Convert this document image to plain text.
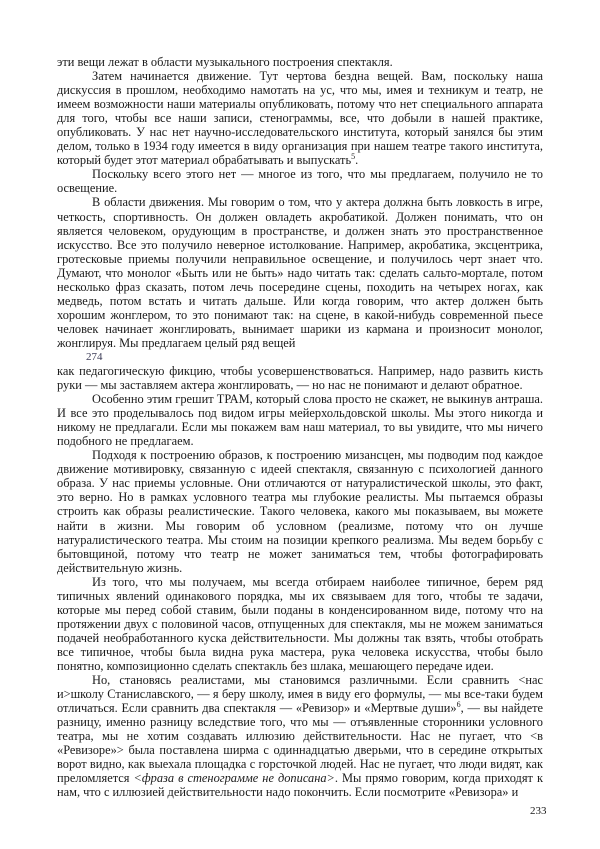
эти вещи лежат в области музыкального построения спектакля.

Затем начинается движение. Тут чертова бездна вещей. Вам, поскольку наша дискуссия в прошлом, необходимо намотать на ус, что мы, имея и техникум и театр, не имеем возможности наши материалы опубликовать, потому что нет специального аппарата для того, чтобы все наши записи, стенограммы, все, что добыли в нашей практике, опубликовать. У нас нет научно-исследовательского института, который занялся бы этим делом, только в 1934 году имеется в виду организация при нашем театре такого института, который будет этот материал обрабатывать и выпускать$^5$.

Поскольку всего этого нет — многое из того, что мы предлагаем, получило не то освещение.

В области движения. Мы говорим о том, что у актера должна быть ловкость в игре, четкость, спортивность. Он должен овладеть акробатикой. Должен понимать, что он является человеком, орудующим в пространстве, и должен знать это пространственное искусство. Все это получило неверное истолкование. Например, акробатика, эксцентрика, гротесковые приемы получили неправильное освещение, и получилось черт знает что. Думают, что монолог «Быть или не быть» надо читать так: сделать сальто-мортале, потом несколько фраз сказать, потом лечь посередине сцены, походить на четырех ногах, как медведь, потом встать и читать дальше. Или когда говорим, что актер должен быть хорошим жонглером, то это понимают так: на сцене, в какой-нибудь современной пьесе человек начинает жонглировать, вынимает шарики из кармана и произносит монолог, жонглируя. Мы предлагаем целый ряд вещей

274

как педагогическую фикцию, чтобы усовершенствоваться. Например, надо развить кисть руки — мы заставляем актера жонглировать, — но нас не понимают и делают обратное.

Особенно этим грешит ТРАМ, который слова просто не скажет, не выкинув антраша. И все это проделывалось под видом игры мейерхольдовской школы. Мы этого никогда и никому не предлагали. Если мы покажем вам наш материал, то вы увидите, что мы ничего подобного не предлагаем.

Подходя к построению образов, к построению мизансцен, мы подводим под каждое движение мотивировку, связанную с идеей спектакля, связанную с психологией данного образа. У нас приемы условные. Они отличаются от натуралистической школы, это факт, это верно. Но в рамках условного театра мы глубокие реалисты. Мы пытаемся образы строить как образы реалистические. Такого человека, какого мы показываем, вы можете найти в жизни. Мы говорим об условном (реализме, потому что он лучше натуралистического театра. Мы стоим на позиции крепкого реализма. Мы ведем борьбу с бытовщиной, потому что театр не может заниматься тем, чтобы фотографировать действительную жизнь.

Из того, что мы получаем, мы всегда отбираем наиболее типичное, берем ряд типичных явлений одинакового порядка, мы их связываем для того, чтобы те задачи, которые мы перед собой ставим, были поданы в конденсированном виде, потому что на протяжении двух с половиной часов, отпущенных для спектакля, мы не можем заниматься подачей необработанного куска действительности. Мы должны так взять, чтобы отобрать все типичное, чтобы была видна рука мастера, рука человека искусства, чтобы было понятно, композиционно сделать спектакль без шлака, мешающего передаче идеи.

Но, становясь реалистами, мы становимся различными. Если сравнить <нас и>школу Станиславского, — я беру школу, имея в виду его формулы, — мы все-таки будем отличаться. Если сравнить два спектакля — «Ревизор» и «Мертвые души»$^6$, — вы найдете разницу, именно разницу вследствие того, что мы — отъявленные сторонники условного театра, мы не хотим создавать иллюзию действительности. Нас не пугает, что <в «Ревизоре»> была поставлена ширма с одиннадцатью дверьми, что в середине открытых ворот видно, как выехала площадка с горсточкой людей. Нас не пугает, что люди видят, как преломляется <фраза в стенограмме не дописана>. Мы прямо говорим, когда приходят к нам, что с иллюзией действительности надо покончить. Если посмотрите «Ревизора» и

233
